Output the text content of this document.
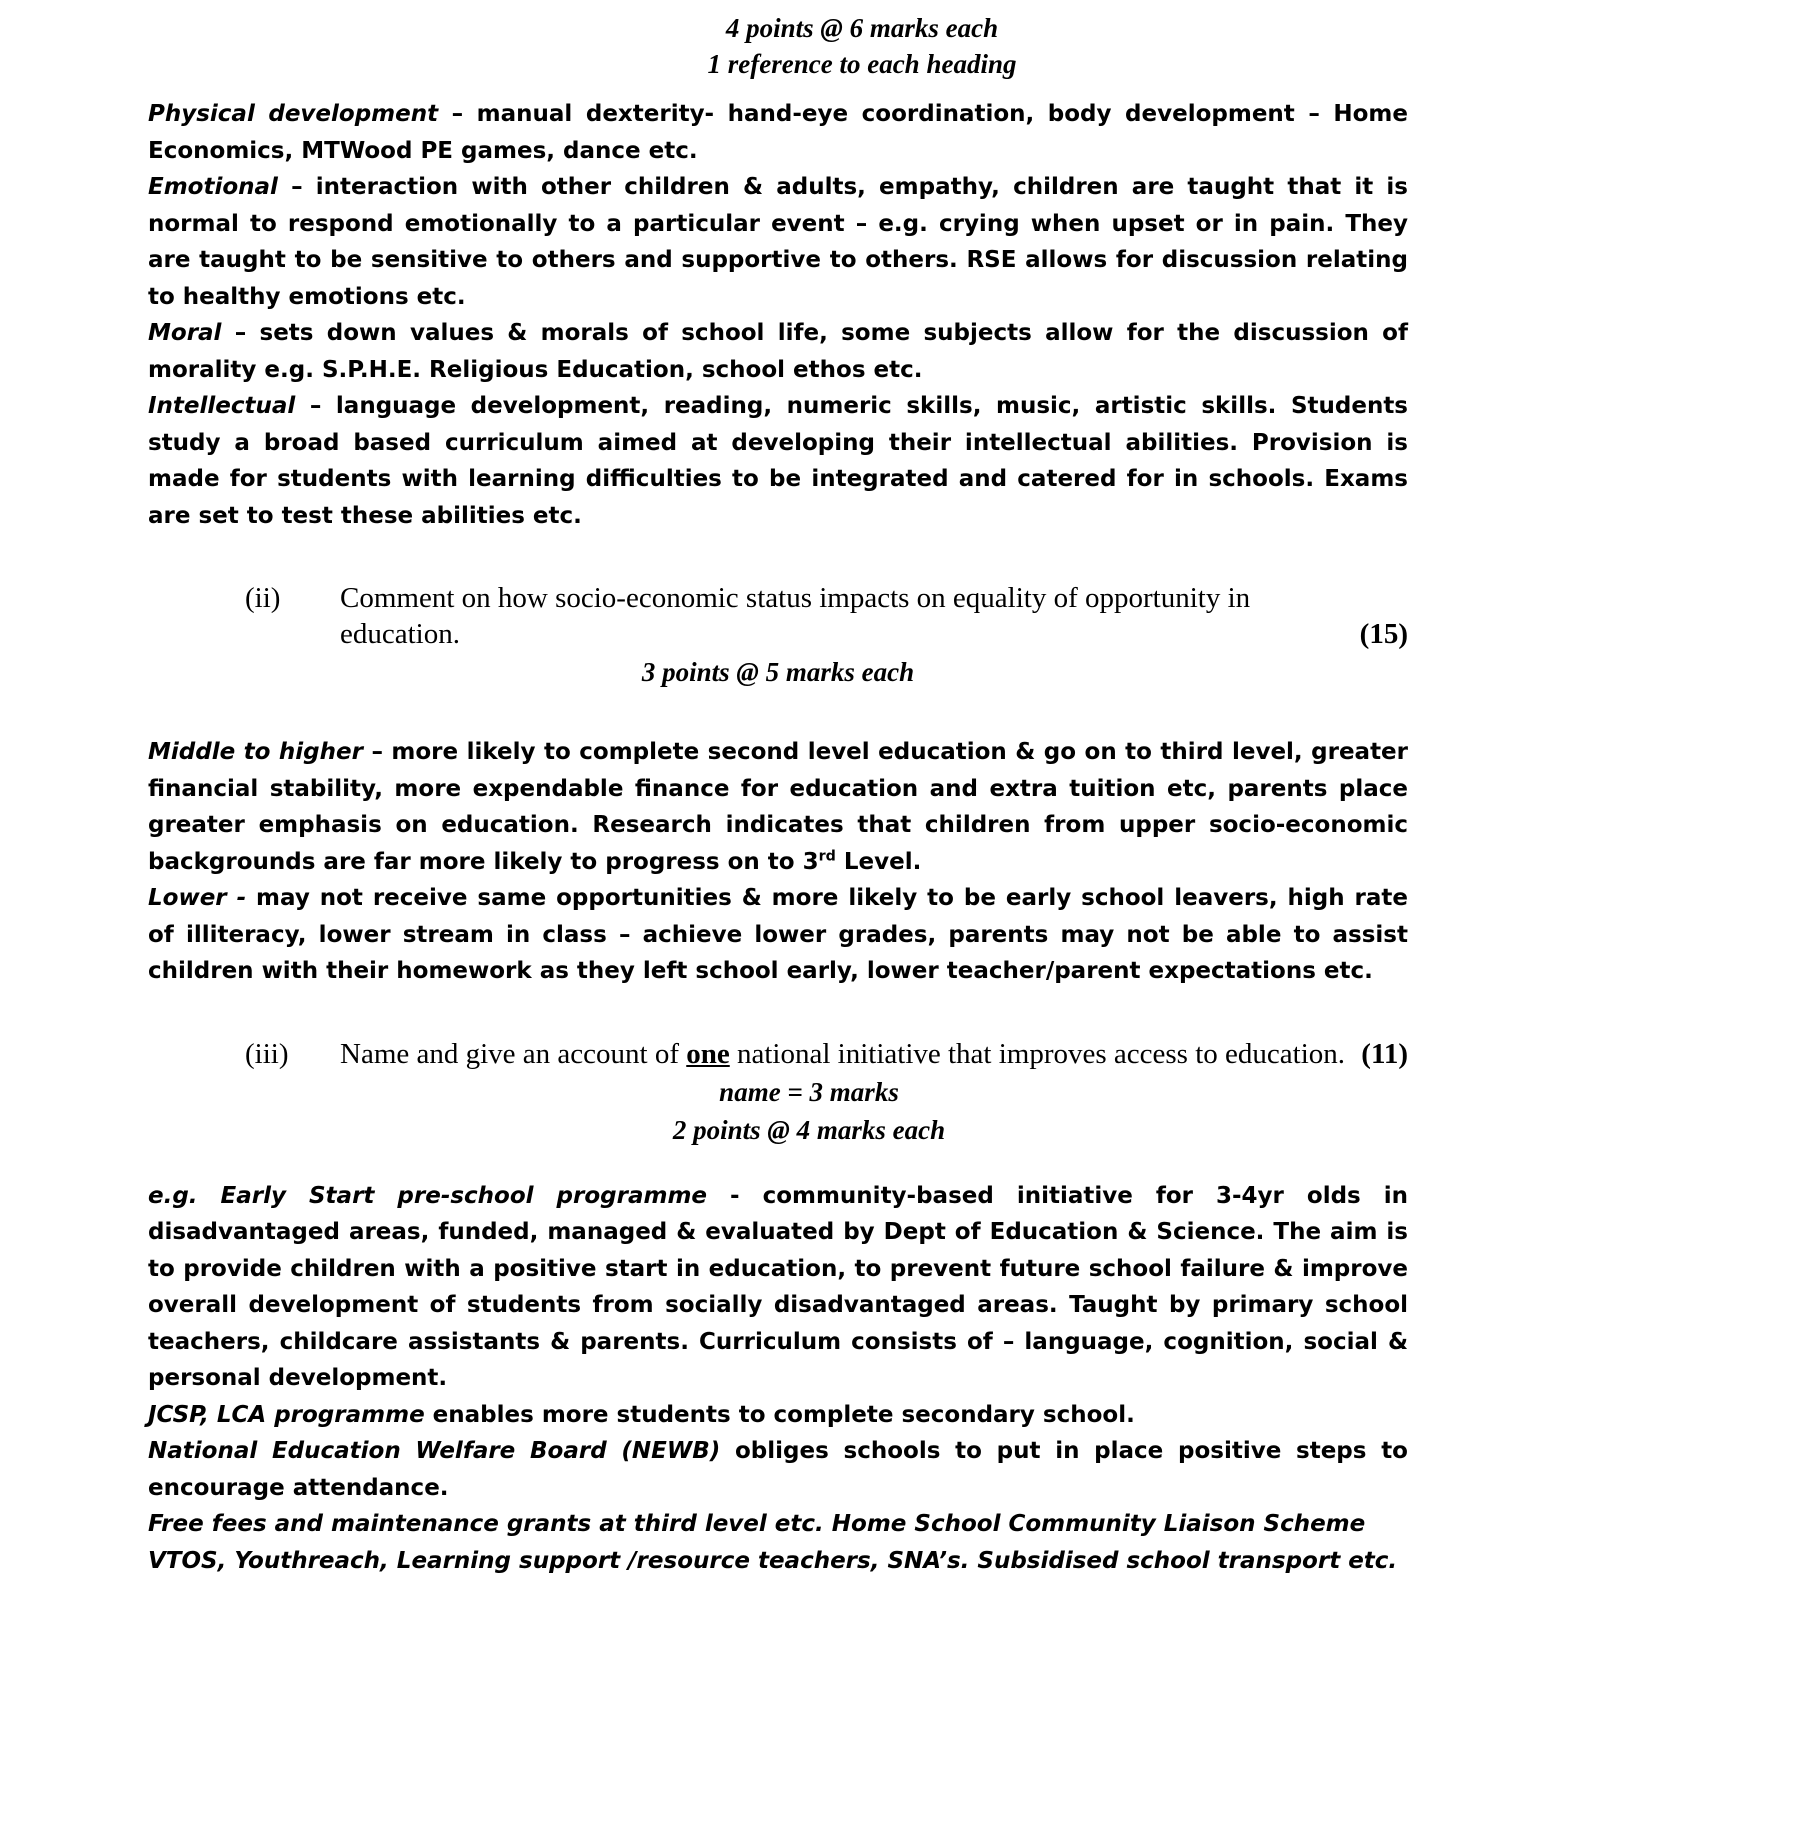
4 points @ 6 marks each
1 reference to each heading

Physical development – manual dexterity- hand-eye coordination, body development – Home Economics, MTWood PE games, dance etc.

Emotional – interaction with other children & adults, empathy, children are taught that it is normal to respond emotionally to a particular event – e.g. crying when upset or in pain. They are taught to be sensitive to others and supportive to others. RSE allows for discussion relating to healthy emotions etc.

Moral – sets down values & morals of school life, some subjects allow for the discussion of morality e.g. S.P.H.E. Religious Education, school ethos etc.

Intellectual – language development, reading, numeric skills, music, artistic skills. Students study a broad based curriculum aimed at developing their intellectual abilities. Provision is made for students with learning difficulties to be integrated and catered for in schools. Exams are set to test these abilities etc.

(ii)	Comment on how socio-economic status impacts on equality of opportunity in education.	(15)
3 points @ 5 marks each

Middle to higher – more likely to complete second level education & go on to third level, greater financial stability, more expendable finance for education and extra tuition etc, parents place greater emphasis on education. Research indicates that children from upper socio-economic backgrounds are far more likely to progress on to 3rd Level.

Lower - may not receive same opportunities & more likely to be early school leavers, high rate of illiteracy, lower stream in class – achieve lower grades, parents may not be able to assist children with their homework as they left school early, lower teacher/parent expectations etc.

(iii)	Name and give an account of one national initiative that improves access to education. (11)
name = 3 marks
2 points @ 4 marks each

e.g. Early Start pre-school programme - community-based initiative for 3-4yr olds in disadvantaged areas, funded, managed & evaluated by Dept of Education & Science. The aim is to provide children with a positive start in education, to prevent future school failure & improve overall development of students from socially disadvantaged areas. Taught by primary school teachers, childcare assistants & parents. Curriculum consists of – language, cognition, social & personal development.

JCSP, LCA programme enables more students to complete secondary school.

National Education Welfare Board (NEWB) obliges schools to put in place positive steps to encourage attendance.

Free fees and maintenance grants at third level etc. Home School Community Liaison Scheme

VTOS, Youthreach, Learning support /resource teachers, SNA’s. Subsidised school transport etc.
